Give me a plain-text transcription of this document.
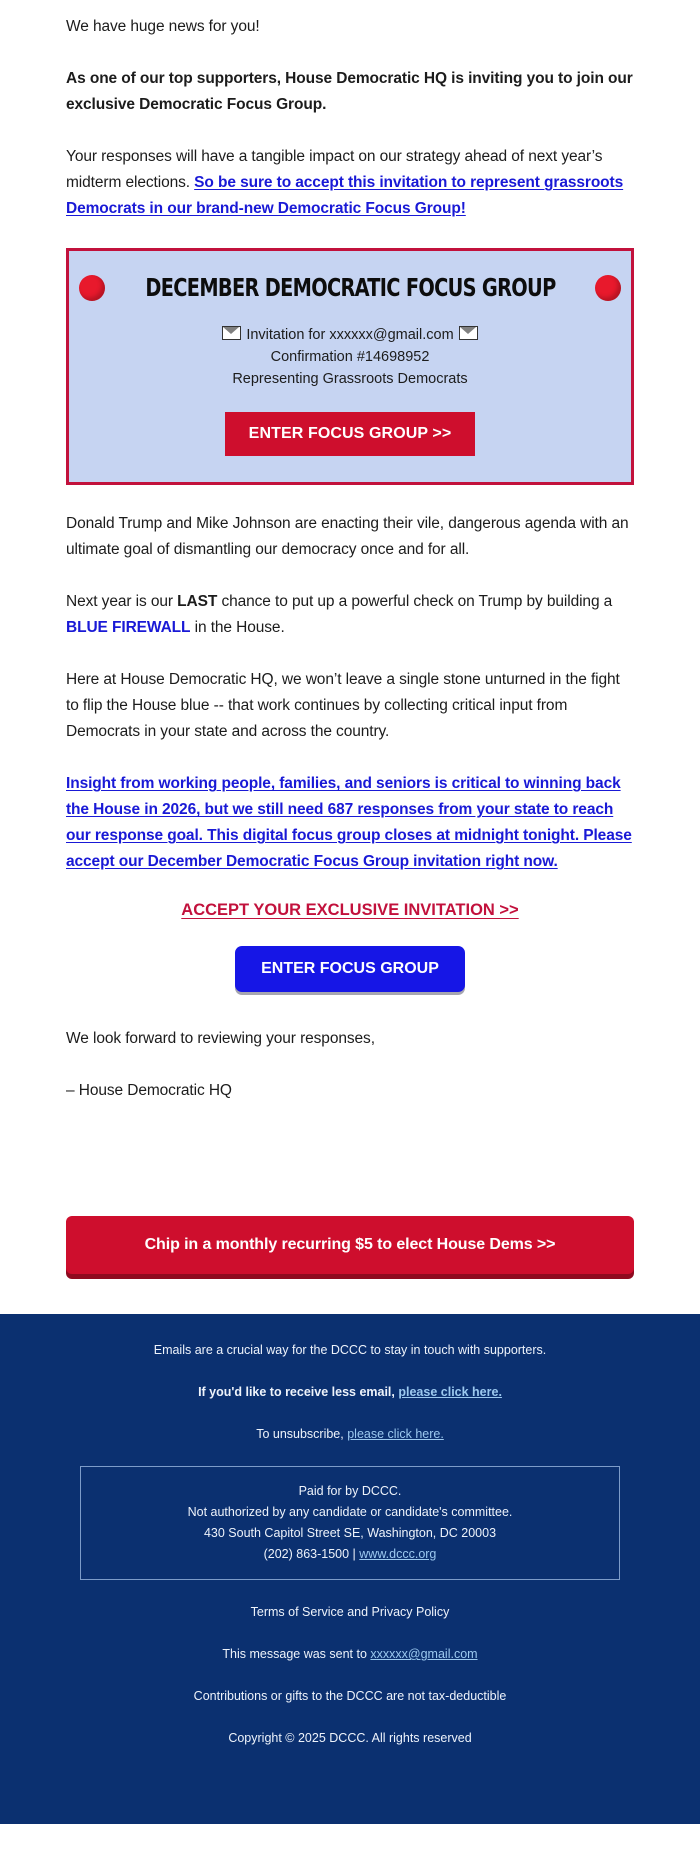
We have huge news for you!

As one of our top supporters, House Democratic HQ is inviting you to join our exclusive Democratic Focus Group.

Your responses will have a tangible impact on our strategy ahead of next year’s midterm elections. So be sure to accept this invitation to represent grassroots Democrats in our brand-new Democratic Focus Group!

DECEMBER DEMOCRATIC FOCUS GROUP
Invitation for xxxxxx@gmail.com
Confirmation #14698952
Representing Grassroots Democrats
ENTER FOCUS GROUP >>

Donald Trump and Mike Johnson are enacting their vile, dangerous agenda with an ultimate goal of dismantling our democracy once and for all.

Next year is our LAST chance to put up a powerful check on Trump by building a BLUE FIREWALL in the House.

Here at House Democratic HQ, we won’t leave a single stone unturned in the fight to flip the House blue -- that work continues by collecting critical input from Democrats in your state and across the country.

Insight from working people, families, and seniors is critical to winning back the House in 2026, but we still need 687 responses from your state to reach our response goal. This digital focus group closes at midnight tonight. Please accept our December Democratic Focus Group invitation right now.

ACCEPT YOUR EXCLUSIVE INVITATION >>
ENTER FOCUS GROUP

We look forward to reviewing your responses,

– House Democratic HQ

Chip in a monthly recurring $5 to elect House Dems >>

Emails are a crucial way for the DCCC to stay in touch with supporters.

If you'd like to receive less email, please click here.

To unsubscribe, please click here.

Paid for by DCCC.
Not authorized by any candidate or candidate's committee.
430 South Capitol Street SE, Washington, DC 20003
(202) 863-1500 | www.dccc.org

Terms of Service and Privacy Policy

This message was sent to xxxxxx@gmail.com

Contributions or gifts to the DCCC are not tax-deductible

Copyright © 2025 DCCC. All rights reserved
